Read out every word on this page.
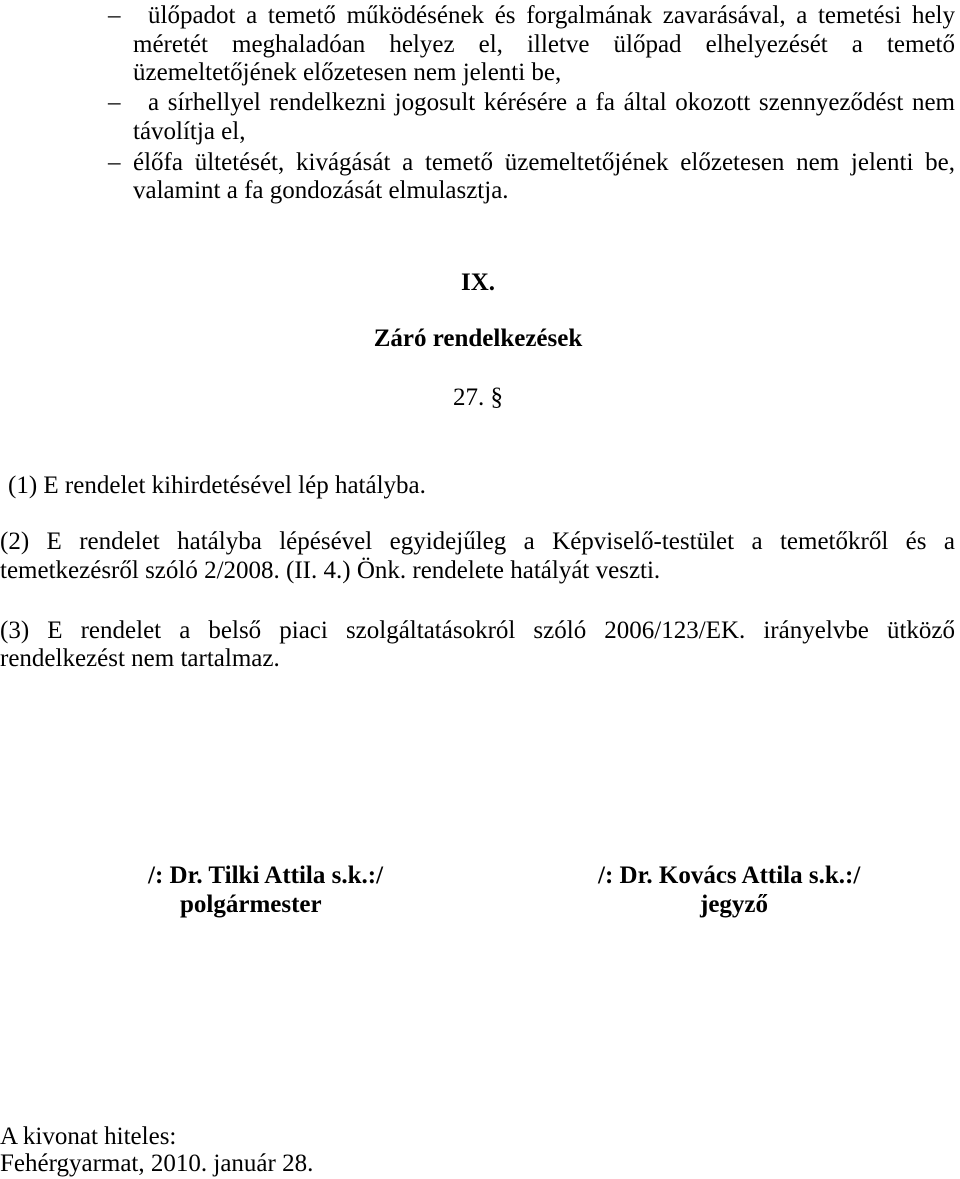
– ülőpadot a temető működésének és forgalmának zavarásával, a temetési hely
méretét meghaladóan helyez el, illetve ülőpad elhelyezését a temető
üzemeltetőjének előzetesen nem jelenti be,
– a sírhellyel rendelkezni jogosult kérésére a fa által okozott szennyeződést nem
távolítja el,
– élőfa ültetését, kivágását a temető üzemeltetőjének előzetesen nem jelenti be,
valamint a fa gondozását elmulasztja.
IX.
Záró rendelkezések
27. §
(1) E rendelet kihirdetésével lép hatályba.
(2) E rendelet hatályba lépésével egyidejűleg a Képviselő-testület a temetőkről és a
temetkezésről szóló 2/2008. (II. 4.) Önk. rendelete hatályát veszti.
(3) E rendelet a belső piaci szolgáltatásokról szóló 2006/123/EK. irányelvbe ütköző
rendelkezést nem tartalmaz.
/: Dr. Tilki Attila s.k.:/
polgármester
/: Dr. Kovács Attila s.k.:/
jegyző
A kivonat hiteles:
Fehérgyarmat, 2010. január 28.
